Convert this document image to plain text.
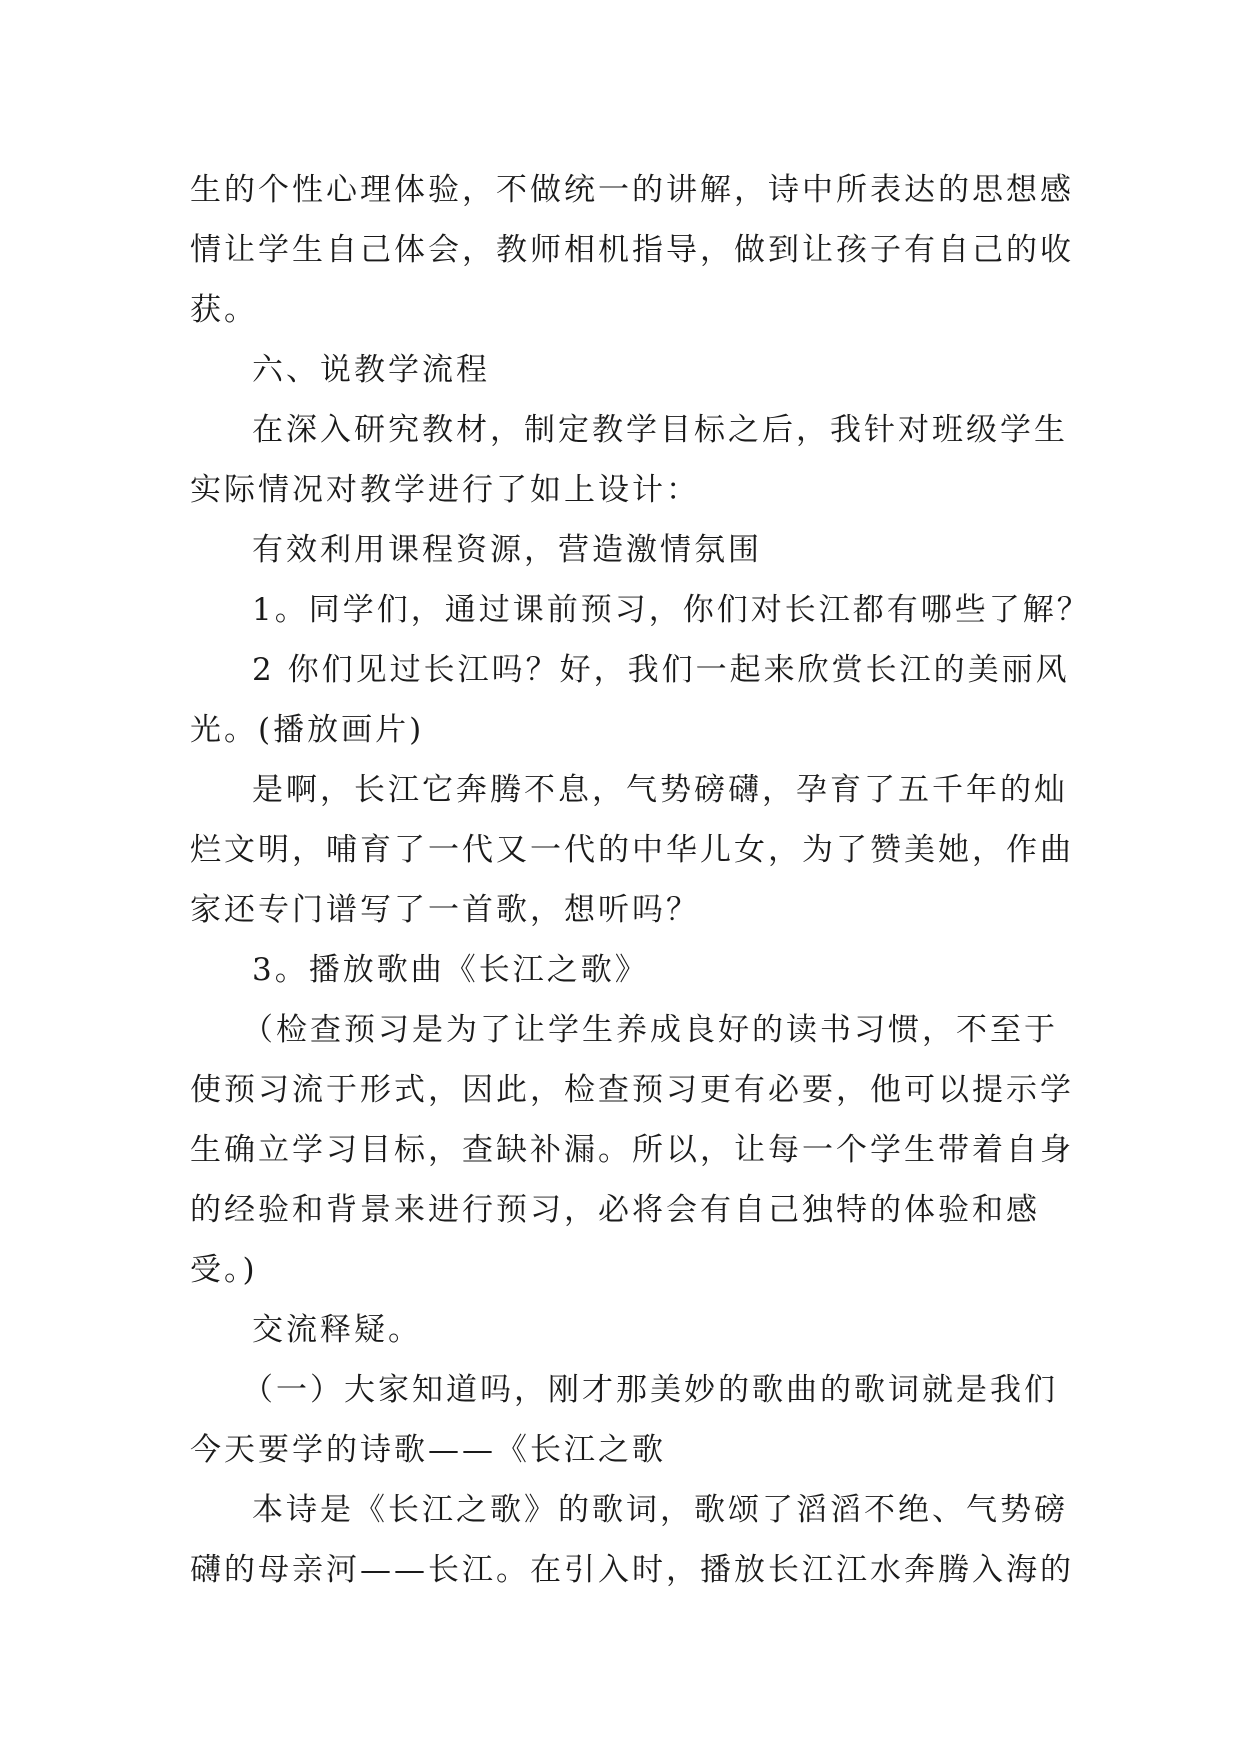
生的个性心理体验，不做统一的讲解，诗中所表达的思想感
情让学生自己体会，教师相机指导，做到让孩子有自己的收
获。
六、说教学流程
在深入研究教材，制定教学目标之后，我针对班级学生
实际情况对教学进行了如上设计：
有效利用课程资源，营造激情氛围
1。同学们，通过课前预习，你们对长江都有哪些了解？
2 你们见过长江吗？好，我们一起来欣赏长江的美丽风
光。(播放画片)
是啊，长江它奔腾不息，气势磅礴，孕育了五千年的灿
烂文明，哺育了一代又一代的中华儿女，为了赞美她，作曲
家还专门谱写了一首歌，想听吗？
3。播放歌曲《长江之歌》
（检查预习是为了让学生养成良好的读书习惯，不至于
使预习流于形式，因此，检查预习更有必要，他可以提示学
生确立学习目标，查缺补漏。所以，让每一个学生带着自身
的经验和背景来进行预习，必将会有自己独特的体验和感
受。)
交流释疑。
（一）大家知道吗，刚才那美妙的歌曲的歌词就是我们
今天要学的诗歌——《长江之歌
本诗是《长江之歌》的歌词，歌颂了滔滔不绝、气势磅
礴的母亲河——长江。在引入时，播放长江江水奔腾入海的
